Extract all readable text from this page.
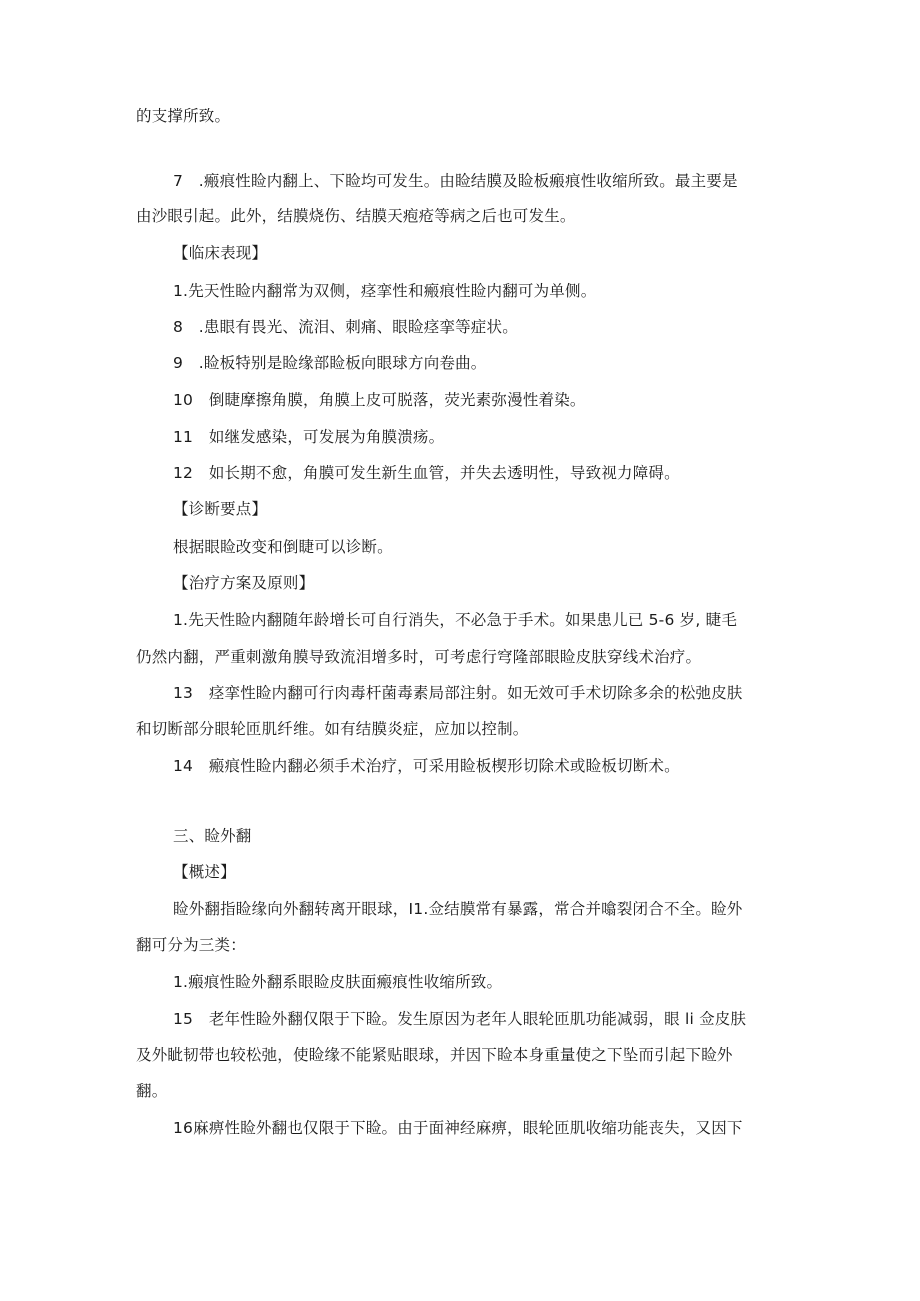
的支撑所致。
7　.瘢痕性睑内翻上、下睑均可发生。由睑结膜及睑板瘢痕性收缩所致。最主要是
由沙眼引起。此外，结膜烧伤、结膜天疱疮等病之后也可发生。
【临床表现】
1.先天性睑内翻常为双侧，痉挛性和瘢痕性睑内翻可为单侧。
8　.患眼有畏光、流泪、刺痛、眼睑痉挛等症状。
9　.睑板特别是睑缘部睑板向眼球方向卷曲。
10　倒睫摩擦角膜，角膜上皮可脱落，荧光素弥漫性着染。
11　如继发感染，可发展为角膜溃疡。
12　如长期不愈，角膜可发生新生血管，并失去透明性，导致视力障碍。
【诊断要点】
根据眼睑改变和倒睫可以诊断。
【治疗方案及原则】
1.先天性睑内翻随年龄增长可自行消失，不必急于手术。如果患儿已 5-6 岁, 睫毛
仍然内翻，严重刺激角膜导致流泪增多时，可考虑行穹隆部眼睑皮肤穿线术治疗。
13　痉挛性睑内翻可行肉毒杆菌毒素局部注射。如无效可手术切除多余的松弛皮肤
和切断部分眼轮匝肌纤维。如有结膜炎症，应加以控制。
14　瘢痕性睑内翻必须手术治疗，可采用睑板楔形切除术或睑板切断术。
三、睑外翻
【概述】
睑外翻指睑缘向外翻转离开眼球，I1.佥结膜常有暴露，常合并噏裂闭合不全。睑外
翻可分为三类：
1.瘢痕性睑外翻系眼睑皮肤面瘢痕性收缩所致。
15　老年性睑外翻仅限于下睑。发生原因为老年人眼轮匝肌功能减弱，眼 li 佥皮肤
及外眦韧带也较松弛，使睑缘不能紧贴眼球，并因下睑本身重量使之下坠而引起下睑外
翻。
16麻痹性睑外翻也仅限于下睑。由于面神经麻痹，眼轮匝肌收缩功能丧失，又因下
